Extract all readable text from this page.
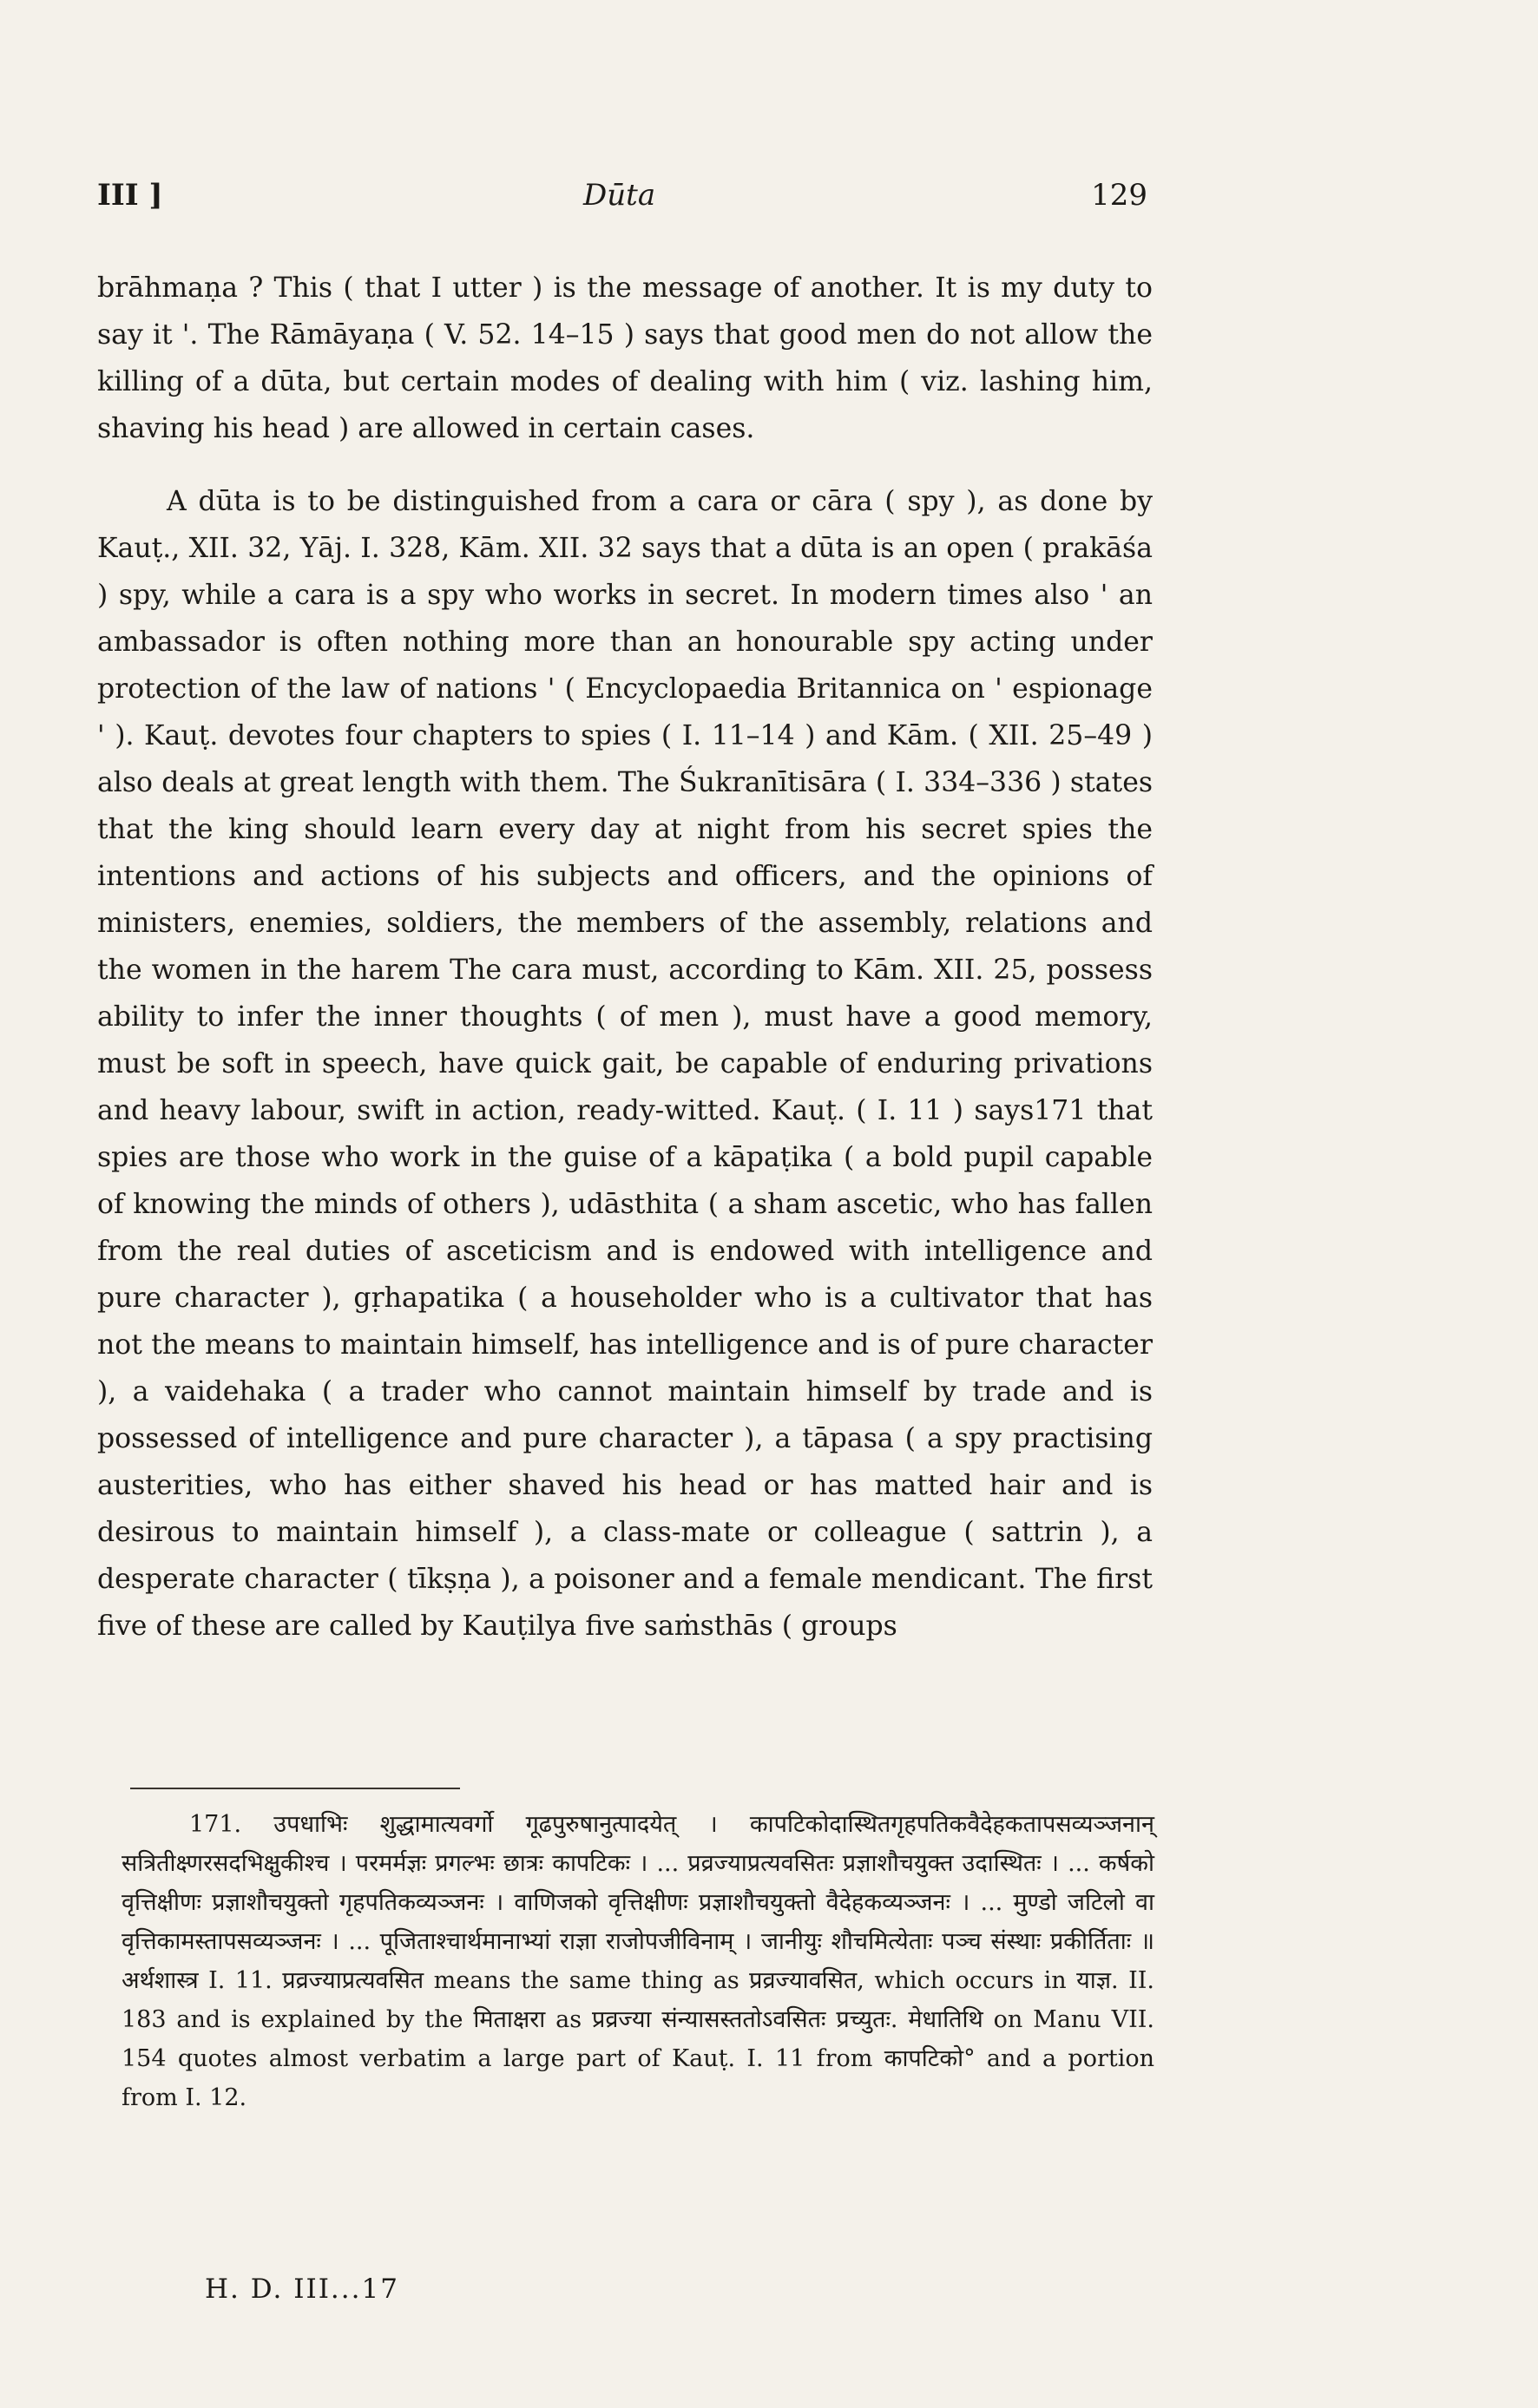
III ]	Dūta	129

brāhmaṇa ? This ( that I utter ) is the message of another. It is my duty to say it '. The Rāmāyaṇa ( V. 52. 14–15 ) says that good men do not allow the killing of a dūta, but certain modes of dealing with him ( viz. lashing him, shaving his head ) are allowed in certain cases.

A dūta is to be distinguished from a cara or cāra ( spy ), as done by Kauṭ., XII. 32, Yāj. I. 328, Kām. XII. 32 says that a dūta is an open ( prakāśa ) spy, while a cara is a spy who works in secret. In modern times also ' an ambassador is often nothing more than an honourable spy acting under protection of the law of nations ' ( Encyclopaedia Britannica on ' espionage ' ). Kauṭ. devotes four chapters to spies ( I. 11–14 ) and Kām. ( XII. 25–49 ) also deals at great length with them. The Śukranītisāra ( I. 334–336 ) states that the king should learn every day at night from his secret spies the intentions and actions of his subjects and officers, and the opinions of ministers, enemies, soldiers, the members of the assembly, relations and the women in the harem The cara must, according to Kām. XII. 25, possess ability to infer the inner thoughts ( of men ), must have a good memory, must be soft in speech, have quick gait, be capable of enduring privations and heavy labour, swift in action, ready-witted. Kauṭ. ( I. 11 ) says171 that spies are those who work in the guise of a kāpaṭika ( a bold pupil capable of knowing the minds of others ), udāsthita ( a sham ascetic, who has fallen from the real duties of asceticism and is endowed with intelligence and pure character ), gṛhapatika ( a householder who is a cultivator that has not the means to maintain himself, has intelligence and is of pure character ), a vaidehaka ( a trader who cannot maintain himself by trade and is possessed of intelligence and pure character ), a tāpasa ( a spy practising austerities, who has either shaved his head or has matted hair and is desirous to maintain himself ), a class-mate or colleague ( sattrin ), a desperate character ( tīkṣṇa ), a poisoner and a female mendicant. The first five of these are called by Kauṭilya five saṁsthās ( groups

171. उपधाभिः शुद्धामात्यवर्गो गूढपुरुषानुत्पादयेत् । कापटिकोदास्थितगृहपतिकवैदेहकतापसव्यञ्जनान् सत्रितीक्ष्णरसदभिक्षुकीश्च । परमर्मज्ञः प्रगल्भः छात्रः कापटिकः । ... प्रव्रज्याप्रत्यवसितः प्रज्ञाशौचयुक्त उदास्थितः । ... कर्षको वृत्तिक्षीणः प्रज्ञाशौचयुक्तो गृहपतिकव्यञ्जनः । वाणिजको वृत्तिक्षीणः प्रज्ञाशौचयुक्तो वैदेहकव्यञ्जनः । ... मुण्डो जटिलो वा वृत्तिकामस्तापसव्यञ्जनः । ... पूजिताश्चार्थमानाभ्यां राज्ञा राजोपजीविनाम् । जानीयुः शौचमित्येताः पञ्च संस्थाः प्रकीर्तिताः ॥ अर्थशास्त्र I. 11. प्रव्रज्याप्रत्यवसित means the same thing as प्रव्रज्यावसित, which occurs in याज्ञ. II. 183 and is explained by the मिताक्षरा as प्रव्रज्या संन्यासस्ततोऽवसितः प्रच्युतः. मेधातिथि on Manu VII. 154 quotes almost verbatim a large part of Kauṭ. I. 11 from कापटिको° and a portion from I. 12.

H. D. III...17
